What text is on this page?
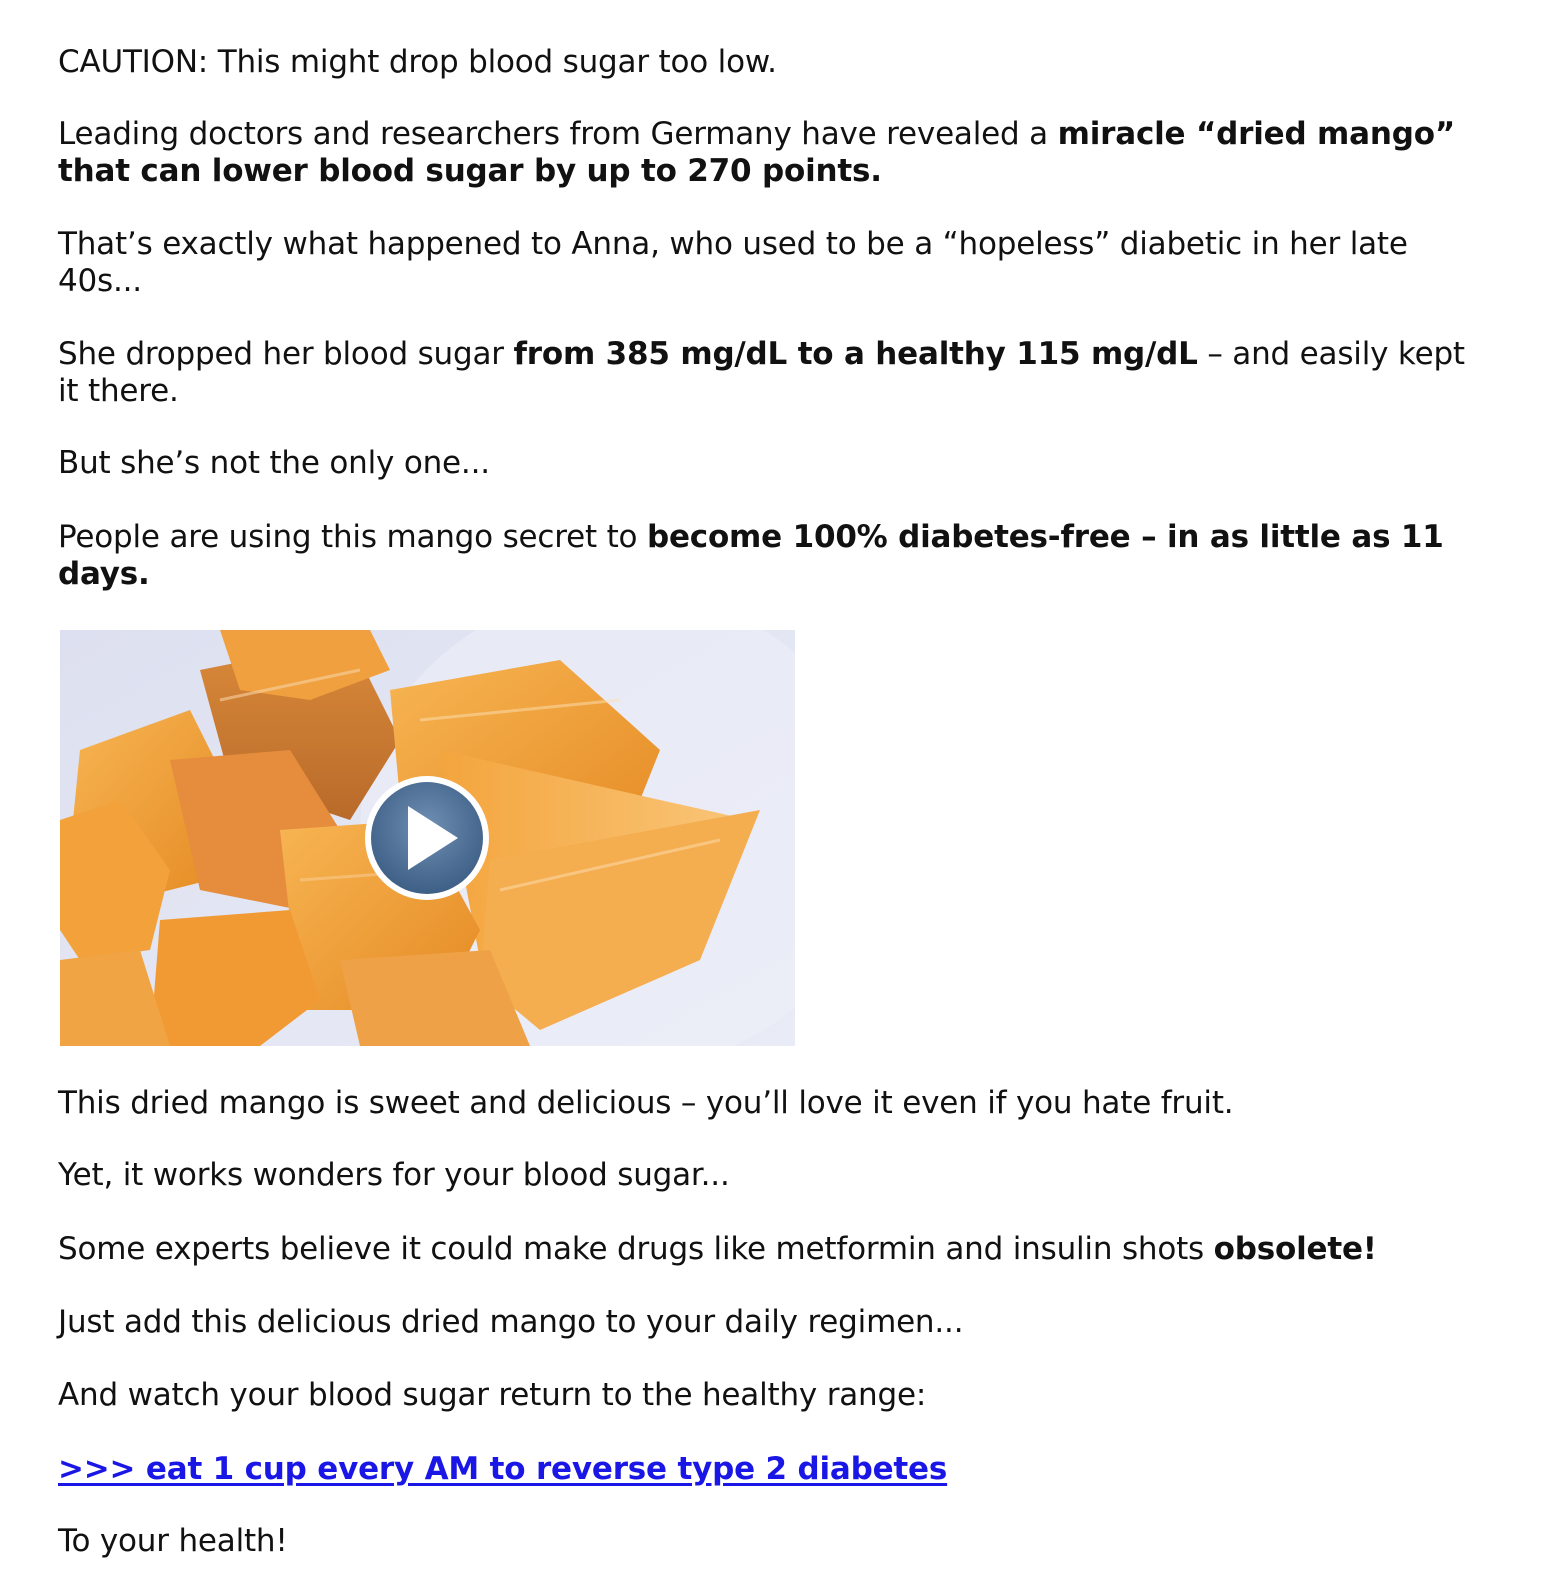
CAUTION: This might drop blood sugar too low.

Leading doctors and researchers from Germany have revealed a miracle “dried mango” that can lower blood sugar by up to 270 points.

That’s exactly what happened to Anna, who used to be a “hopeless” diabetic in her late 40s...

She dropped her blood sugar from 385 mg/dL to a healthy 115 mg/dL – and easily kept it there.

But she’s not the only one...

People are using this mango secret to become 100% diabetes-free – in as little as 11 days.

This dried mango is sweet and delicious – you’ll love it even if you hate fruit.

Yet, it works wonders for your blood sugar...

Some experts believe it could make drugs like metformin and insulin shots obsolete!

Just add this delicious dried mango to your daily regimen...

And watch your blood sugar return to the healthy range:

>>> eat 1 cup every AM to reverse type 2 diabetes

To your health!
